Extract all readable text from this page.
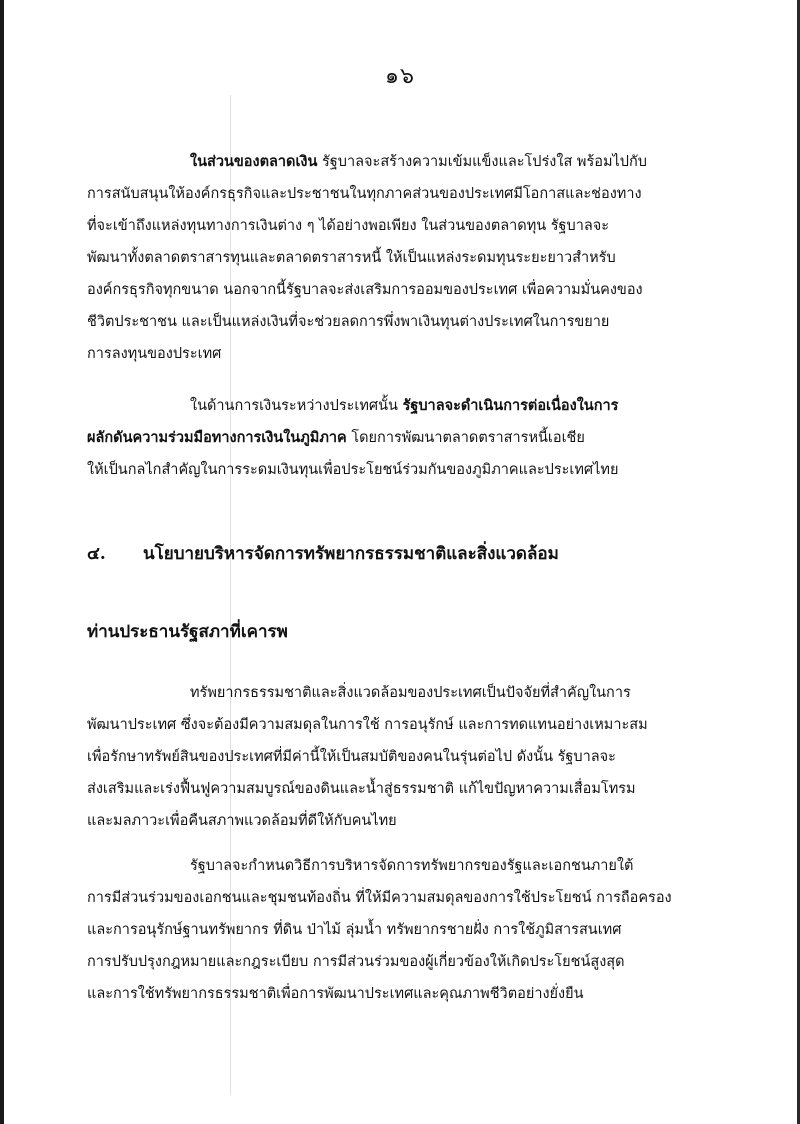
๑๖

ในส่วนของตลาดเงิน รัฐบาลจะสร้างความเข้มแข็งและโปร่งใส พร้อมไปกับ
การสนับสนุนให้องค์กรธุรกิจและประชาชนในทุกภาคส่วนของประเทศมีโอกาสและช่องทาง
ที่จะเข้าถึงแหล่งทุนทางการเงินต่าง ๆ ได้อย่างพอเพียง ในส่วนของตลาดทุน รัฐบาลจะ
พัฒนาทั้งตลาดตราสารทุนและตลาดตราสารหนี้ ให้เป็นแหล่งระดมทุนระยะยาวสำหรับ
องค์กรธุรกิจทุกขนาด นอกจากนี้รัฐบาลจะส่งเสริมการออมของประเทศ เพื่อความมั่นคงของ
ชีวิตประชาชน และเป็นแหล่งเงินที่จะช่วยลดการพึ่งพาเงินทุนต่างประเทศในการขยาย
การลงทุนของประเทศ

ในด้านการเงินระหว่างประเทศนั้น รัฐบาลจะดำเนินการต่อเนื่องในการ
ผลักดันความร่วมมือทางการเงินในภูมิภาค โดยการพัฒนาตลาดตราสารหนี้เอเชีย
ให้เป็นกลไกสำคัญในการระดมเงินทุนเพื่อประโยชน์ร่วมกันของภูมิภาคและประเทศไทย

๔. นโยบายบริหารจัดการทรัพยากรธรรมชาติและสิ่งแวดล้อม
ท่านประธานรัฐสภาที่เคารพ

ทรัพยากรธรรมชาติและสิ่งแวดล้อมของประเทศเป็นปัจจัยที่สำคัญในการ
พัฒนาประเทศ ซึ่งจะต้องมีความสมดุลในการใช้ การอนุรักษ์ และการทดแทนอย่างเหมาะสม
เพื่อรักษาทรัพย์สินของประเทศที่มีค่านี้ให้เป็นสมบัติของคนในรุ่นต่อไป ดังนั้น รัฐบาลจะ
ส่งเสริมและเร่งฟื้นฟูความสมบูรณ์ของดินและน้ำสู่ธรรมชาติ แก้ไขปัญหาความเสื่อมโทรม
และมลภาวะเพื่อคืนสภาพแวดล้อมที่ดีให้กับคนไทย

รัฐบาลจะกำหนดวิธีการบริหารจัดการทรัพยากรของรัฐและเอกชนภายใต้
การมีส่วนร่วมของเอกชนและชุมชนท้องถิ่น ที่ให้มีความสมดุลของการใช้ประโยชน์ การถือครอง
และการอนุรักษ์ฐานทรัพยากร ที่ดิน ป่าไม้ ลุ่มน้ำ ทรัพยากรชายฝั่ง การใช้ภูมิสารสนเทศ
การปรับปรุงกฎหมายและกฎระเบียบ การมีส่วนร่วมของผู้เกี่ยวข้องให้เกิดประโยชน์สูงสุด
และการใช้ทรัพยากรธรรมชาติเพื่อการพัฒนาประเทศและคุณภาพชีวิตอย่างยั่งยืน
